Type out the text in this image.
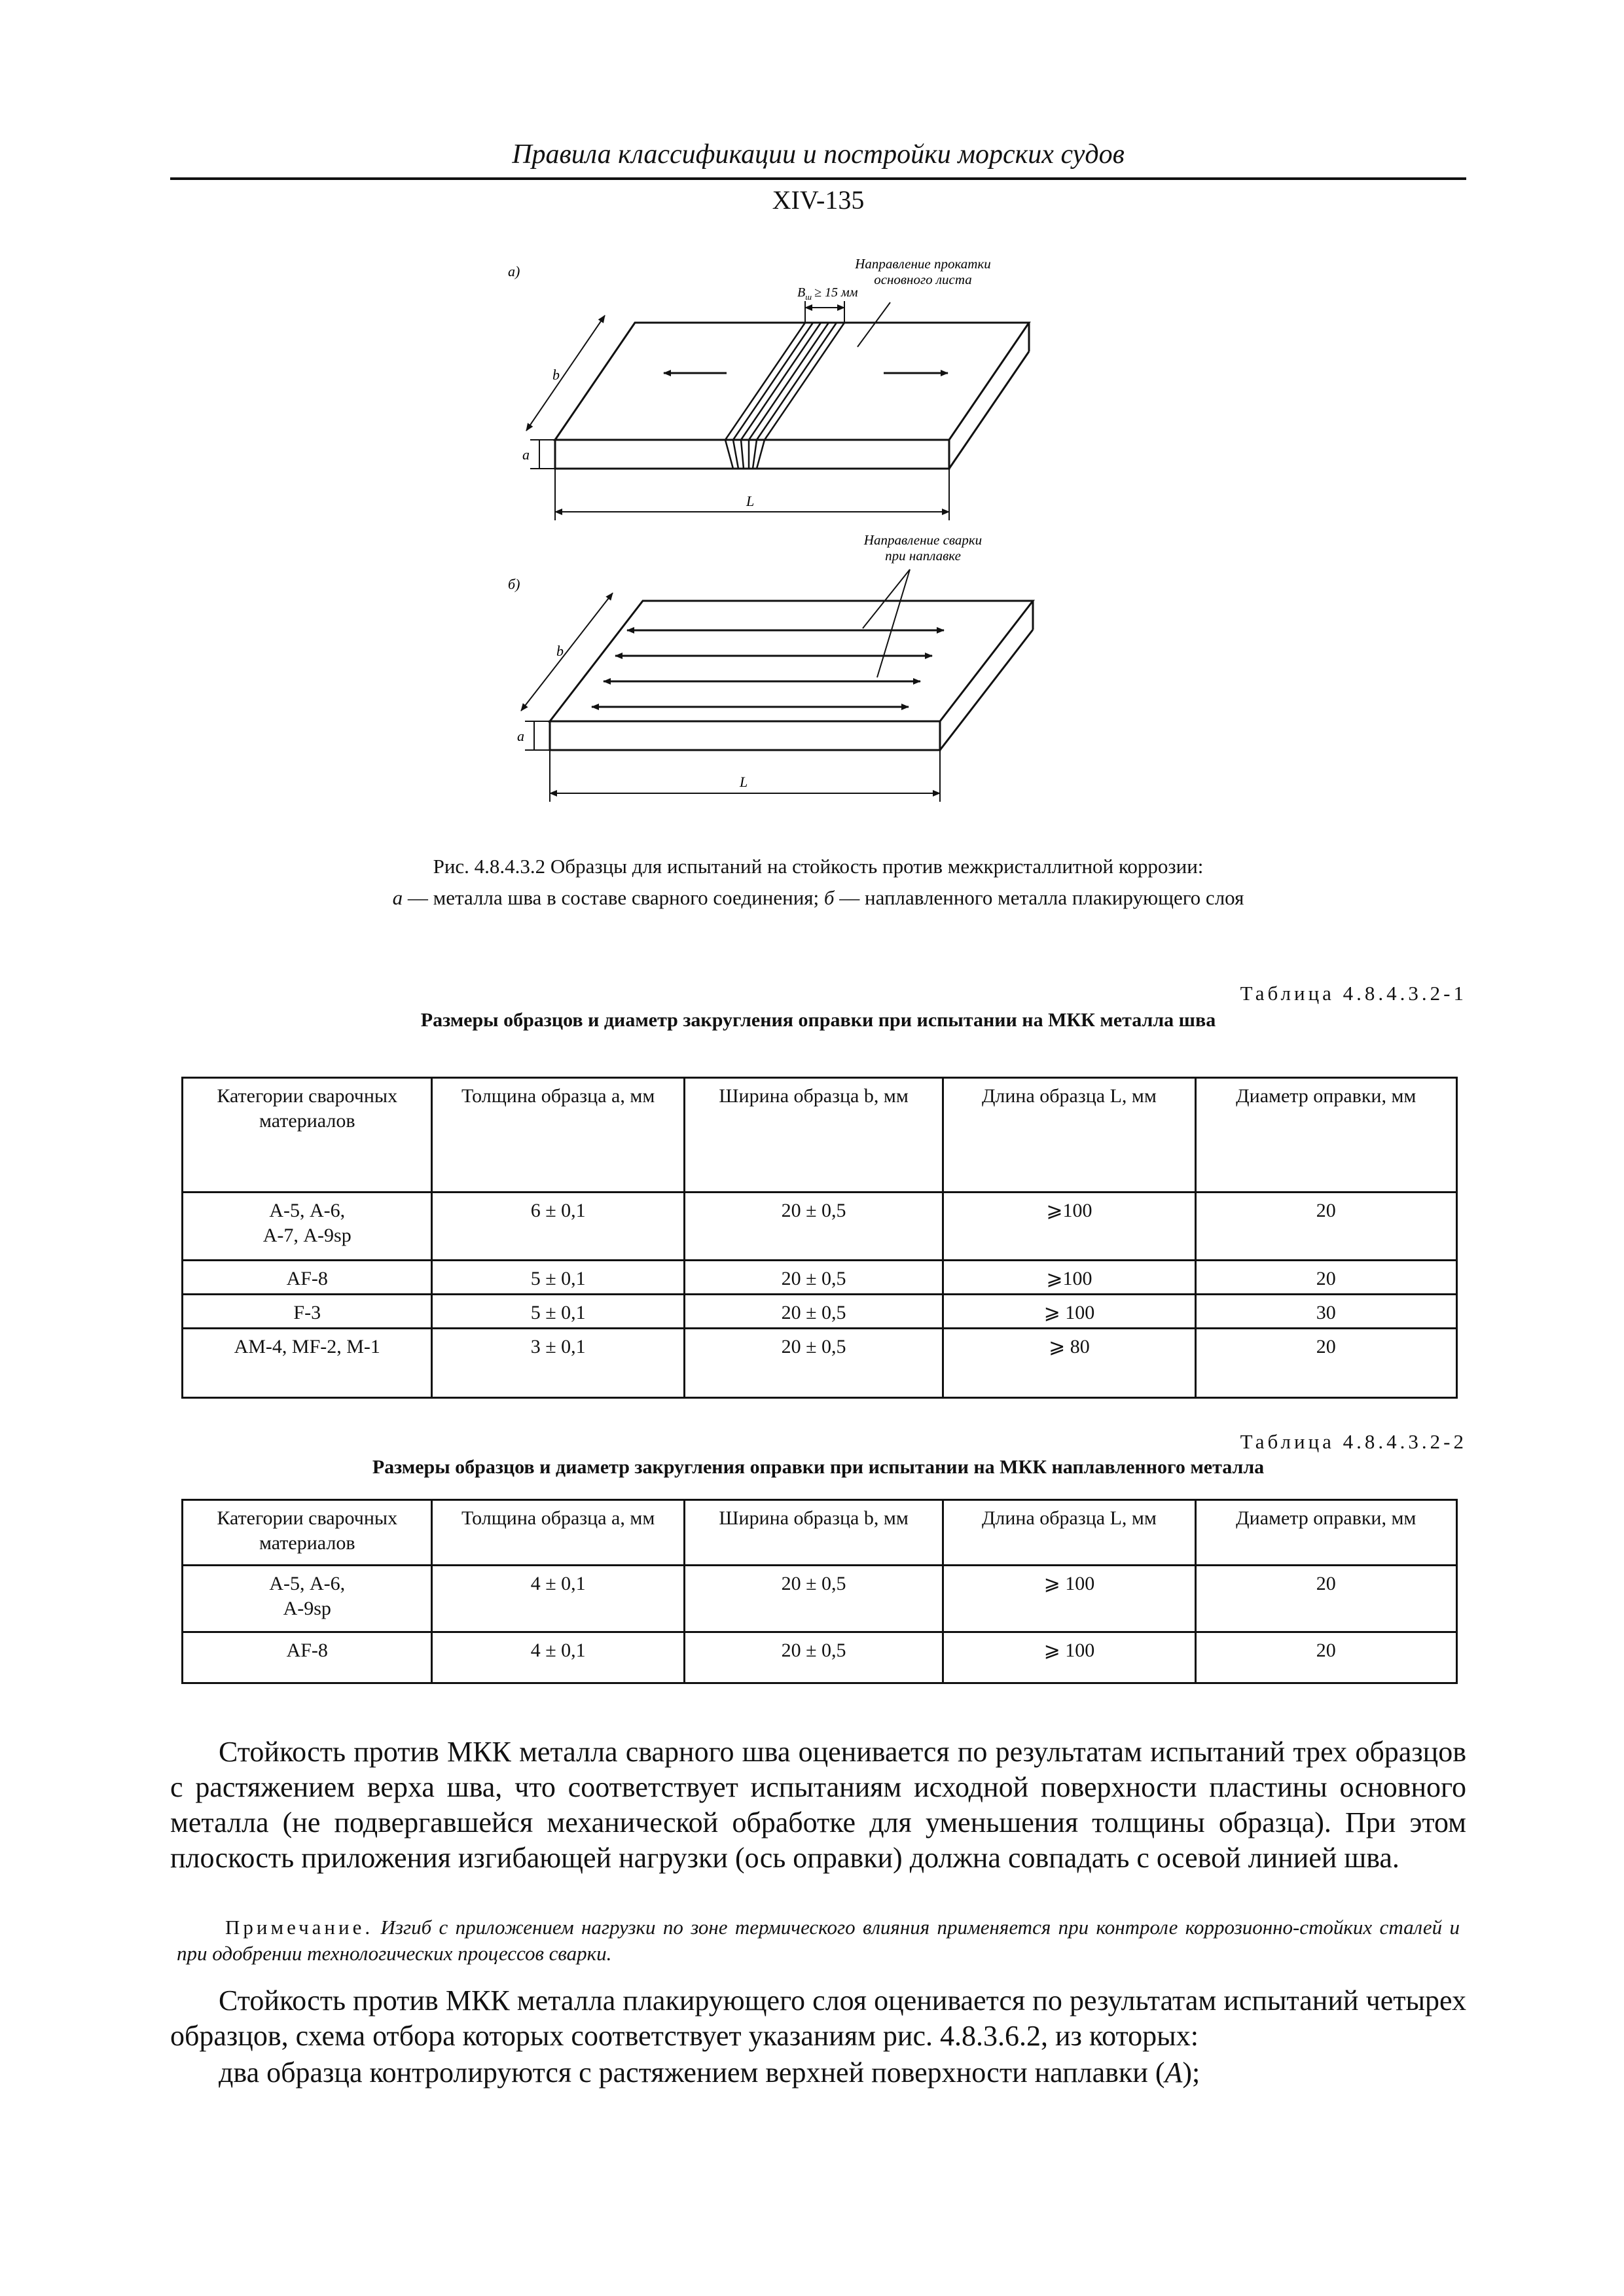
Правила классификации и постройки морских судов
XIV-135
а)	Направление прокатки
основного листа
$B_ш \ge 15$ мм
b
a
L
б)
Направление сварки
при наплавке
b
a
L
Рис. 4.8.4.3.2 Образцы для испытаний на стойкость против межкристаллитной коррозии:
а — металла шва в составе сварного соединения; б — наплавленного металла плакирующего слоя
Таблица 4.8.4.3.2-1
Размеры образцов и диаметр закругления оправки при испытании на МКК металла шва
Категории сварочных материалов	Толщина образца a, мм	Ширина образца b, мм	Длина образца L, мм	Диаметр оправки, мм

А-5, А-6,
А-7, А-9sp	6 ± 0,1	20 ± 0,5	⩾100	20
АF-8	5 ± 0,1	20 ± 0,5	⩾100	20
F-3	5 ± 0,1	20 ± 0,5	⩾ 100	30
АМ-4, МF-2, М-1	3 ± 0,1	20 ± 0,5	⩾ 80	20
Таблица 4.8.4.3.2-2
Размеры образцов и диаметр закругления оправки при испытании на МКК наплавленного металла
Категории сварочных материалов	Толщина образца a, мм	Ширина образца b, мм	Длина образца L, мм	Диаметр оправки, мм

А-5, А-6,
А-9sp	4 ± 0,1	20 ± 0,5	⩾ 100	20
АF-8	4 ± 0,1	20 ± 0,5	⩾ 100	20

Стойкость против МКК металла сварного шва оценивается по результатам испытаний трех образцов с растяжением верха шва, что соответствует испытаниям исходной поверхности пластины основного металла (не подвергавшейся механической обработке для уменьшения толщины образца). При этом плоскость приложения изгибающей нагрузки (ось оправки) должна совпадать с осевой линией шва.

Примечание. Изгиб с приложением нагрузки по зоне термического влияния применяется при контроле коррозионно-стойких сталей и при одобрении технологических процессов сварки.

Стойкость против МКК металла плакирующего слоя оценивается по результатам испытаний четырех образцов, схема отбора которых соответствует указаниям рис. 4.8.3.6.2, из которых:

два образца контролируются с растяжением верхней поверхности наплавки (А);
